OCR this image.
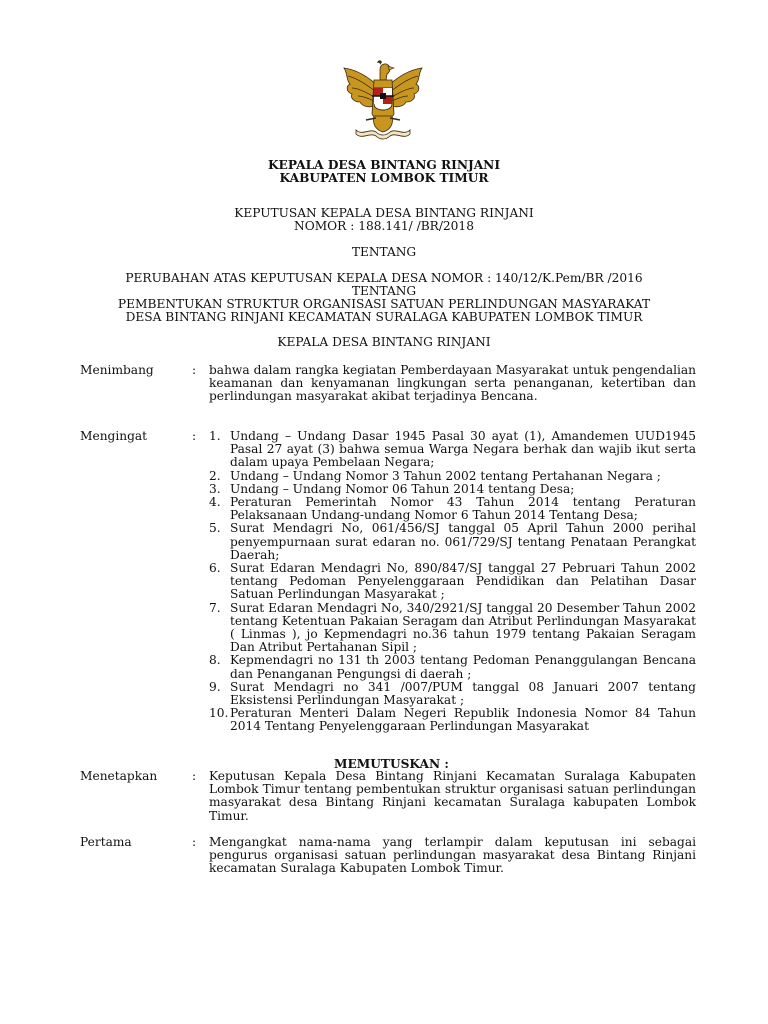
KEPALA DESA BINTANG RINJANI
KABUPATEN LOMBOK TIMUR
KEPUTUSAN KEPALA DESA BINTANG RINJANI
NOMOR : 188.141/ /BR/2018
TENTANG
PERUBAHAN ATAS KEPUTUSAN KEPALA DESA NOMOR : 140/12/K.Pem/BR /2016
TENTANG
PEMBENTUKAN STRUKTUR ORGANISASI SATUAN PERLINDUNGAN MASYARAKAT
DESA BINTANG RINJANI KECAMATAN SURALAGA KABUPATEN LOMBOK TIMUR
KEPALA DESA BINTANG RINJANI
Menimbang	: bahwa dalam rangka kegiatan Pemberdayaan Masyarakat untuk pengendalian keamanan dan kenyamanan lingkungan serta penanganan, ketertiban dan perlindungan masyarakat akibat terjadinya Bencana.
Mengingat	: 1. Undang – Undang Dasar 1945 Pasal 30 ayat (1), Amandemen UUD1945 Pasal 27 ayat (3) bahwa semua Warga Negara berhak dan wajib ikut serta dalam upaya Pembelaan Negara;
2. Undang – Undang Nomor 3 Tahun 2002 tentang Pertahanan Negara ;
3. Undang – Undang Nomor 06 Tahun 2014 tentang Desa;
4. Peraturan Pemerintah Nomor 43 Tahun 2014 tentang Peraturan Pelaksanaan Undang-undang Nomor 6 Tahun 2014 Tentang Desa;
5. Surat Mendagri No, 061/456/SJ tanggal 05 April Tahun 2000 perihal penyempurnaan surat edaran no. 061/729/SJ tentang Penataan Perangkat Daerah;
6. Surat Edaran Mendagri No, 890/847/SJ tanggal 27 Pebruari Tahun 2002 tentang Pedoman Penyelenggaraan Pendidikan dan Pelatihan Dasar Satuan Perlindungan Masyarakat ;
7. Surat Edaran Mendagri No, 340/2921/SJ tanggal 20 Desember Tahun 2002 tentang Ketentuan Pakaian Seragam dan Atribut Perlindungan Masyarakat ( Linmas ), jo Kepmendagri no.36 tahun 1979 tentang Pakaian Seragam Dan Atribut Pertahanan Sipil ;
8. Kepmendagri no 131 th 2003 tentang Pedoman Penanggulangan Bencana dan Penanganan Pengungsi di daerah ;
9. Surat Mendagri no 341 /007/PUM tanggal 08 Januari 2007 tentang Eksistensi Perlindungan Masyarakat ;
10. Peraturan Menteri Dalam Negeri Republik Indonesia Nomor 84 Tahun 2014 Tentang Penyelenggaraan Perlindungan Masyarakat
MEMUTUSKAN :
Menetapkan	: Keputusan Kepala Desa Bintang Rinjani Kecamatan Suralaga Kabupaten Lombok Timur tentang pembentukan struktur organisasi satuan perlindungan masyarakat desa Bintang Rinjani kecamatan Suralaga kabupaten Lombok Timur.
Pertama	: Mengangkat nama-nama yang terlampir dalam keputusan ini sebagai pengurus organisasi satuan perlindungan masyarakat desa Bintang Rinjani kecamatan Suralaga Kabupaten Lombok Timur.
